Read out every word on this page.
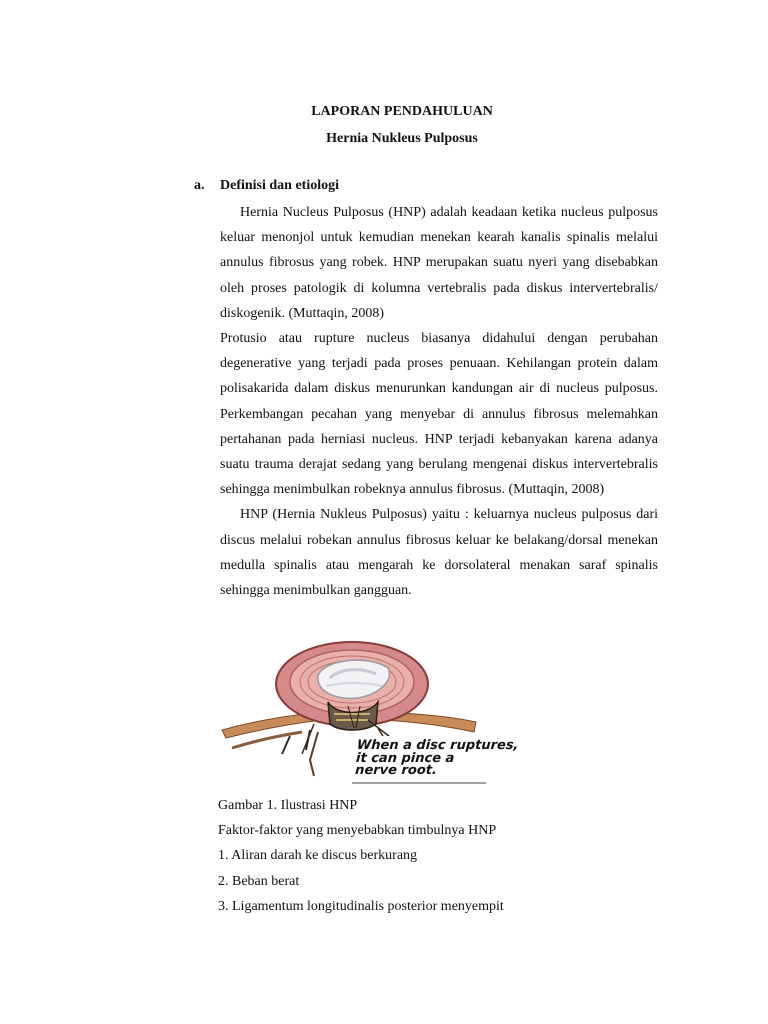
LAPORAN PENDAHULUAN
Hernia Nukleus Pulposus
a. Definisi dan etiologi

Hernia Nucleus Pulposus (HNP) adalah keadaan ketika nucleus pulposus keluar menonjol untuk kemudian menekan kearah kanalis spinalis melalui annulus fibrosus yang robek. HNP merupakan suatu nyeri yang disebabkan oleh proses patologik di kolumna vertebralis pada diskus intervertebralis/ diskogenik. (Muttaqin, 2008)

Protusio atau rupture nucleus biasanya didahului dengan perubahan degenerative yang terjadi pada proses penuaan. Kehilangan protein dalam polisakarida dalam diskus menurunkan kandungan air di nucleus pulposus. Perkembangan pecahan yang menyebar di annulus fibrosus melemahkan pertahanan pada herniasi nucleus. HNP terjadi kebanyakan karena adanya suatu trauma derajat sedang yang berulang mengenai diskus intervertebralis sehingga menimbulkan robeknya annulus fibrosus. (Muttaqin, 2008)

HNP (Hernia Nukleus Pulposus) yaitu : keluarnya nucleus pulposus dari discus melalui robekan annulus fibrosus keluar ke belakang/dorsal menekan medulla spinalis atau mengarah ke dorsolateral menakan saraf spinalis sehingga menimbulkan gangguan.

When a disc ruptures,
it can pince a
nerve root.
Gambar 1. Ilustrasi HNP
Faktor-faktor yang menyebabkan timbulnya HNP
1. Aliran darah ke discus berkurang
2. Beban berat
3. Ligamentum longitudinalis posterior menyempit
